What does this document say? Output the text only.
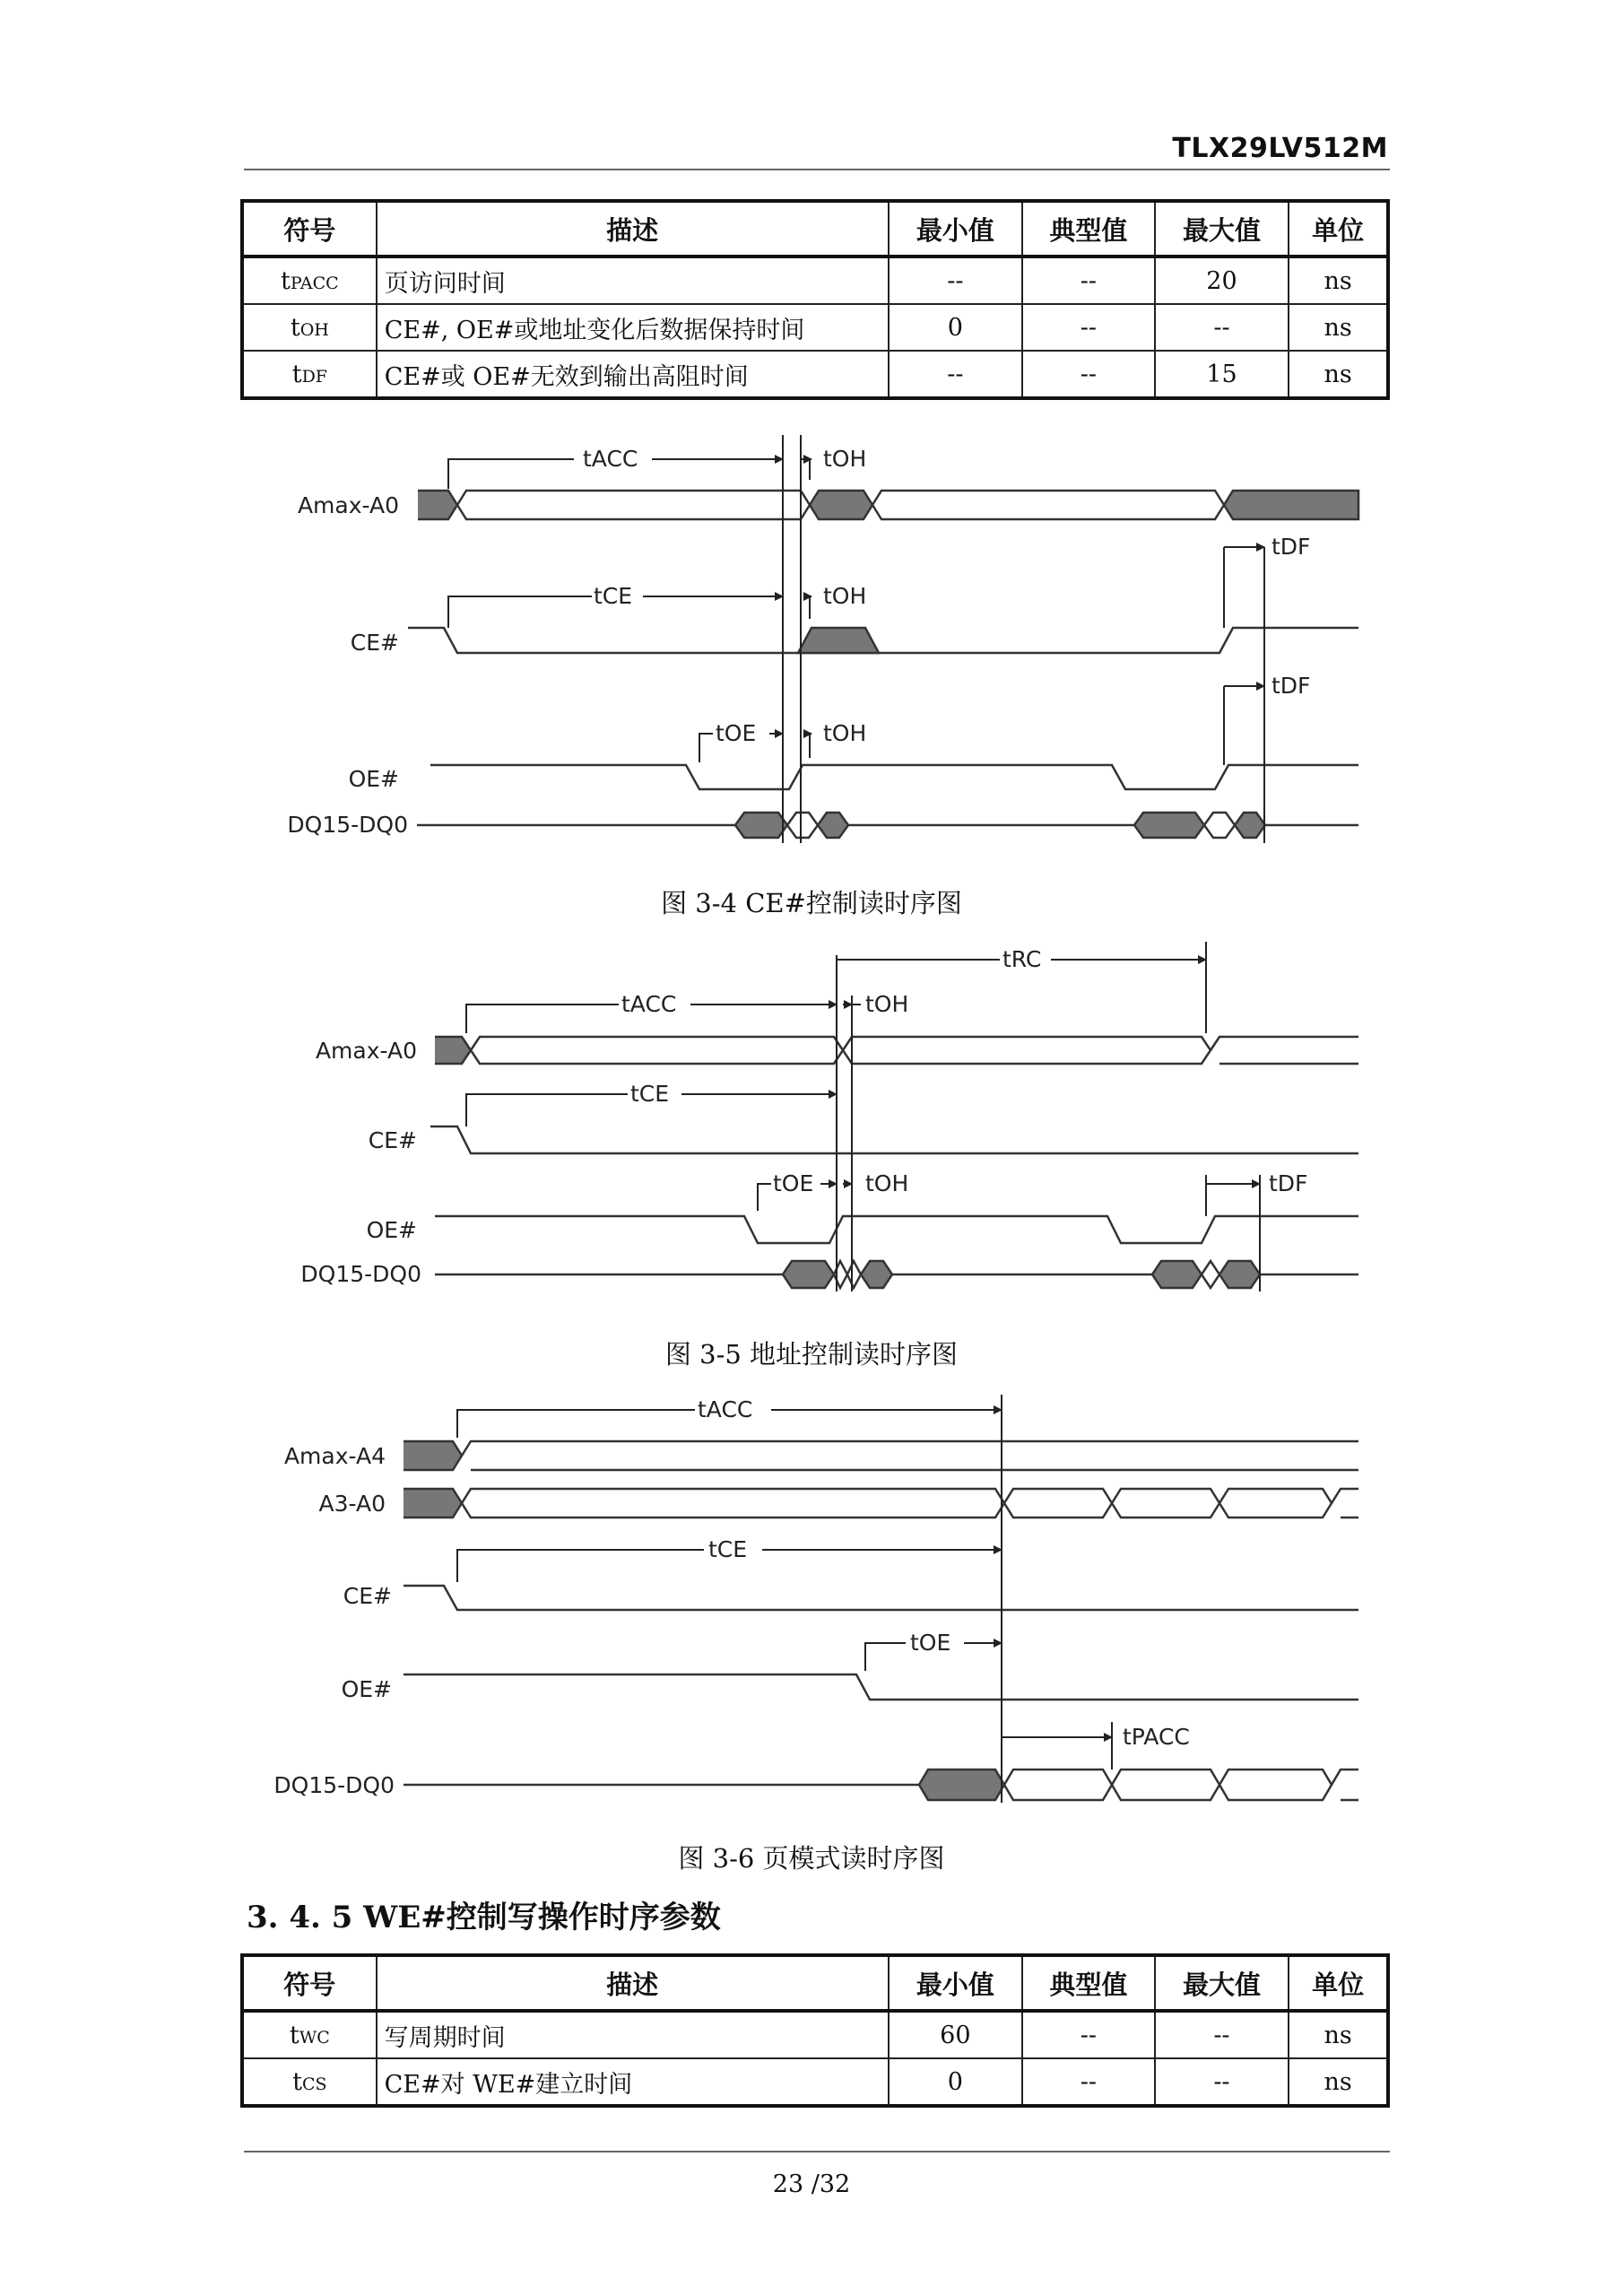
TLX29LV512M
符号	描述	最小值	典型值	最大值	单位
tPACC	页访问时间	--	--	20	ns
tOH	CE#, OE#或地址变化后数据保持时间	0	--	--	ns
tDF	CE#或 OE#无效到输出高阻时间	--	--	15	ns
Amax-A0
CE#
OE#
DQ15-DQ0
tACC	tOH
tCE	tOH
tDF
tOE	tOH
tDF
图 3-4 CE#控制读时序图
Amax-A0
CE#
OE#
DQ15-DQ0
tRC
tACC	tOH
tCE
tOE tOH	tDF
图 3-5 地址控制读时序图
Amax-A4
A3-A0
CE#
OE#
DQ15-DQ0
tACC
tCE
tOE
tPACC
图 3-6 页模式读时序图
3. 4. 5 WE#控制写操作时序参数
符号	描述	最小值	典型值	最大值	单位
tWC	写周期时间	60	--	--	ns
tCS	CE#对 WE#建立时间	0	--	--	ns
23 /32
